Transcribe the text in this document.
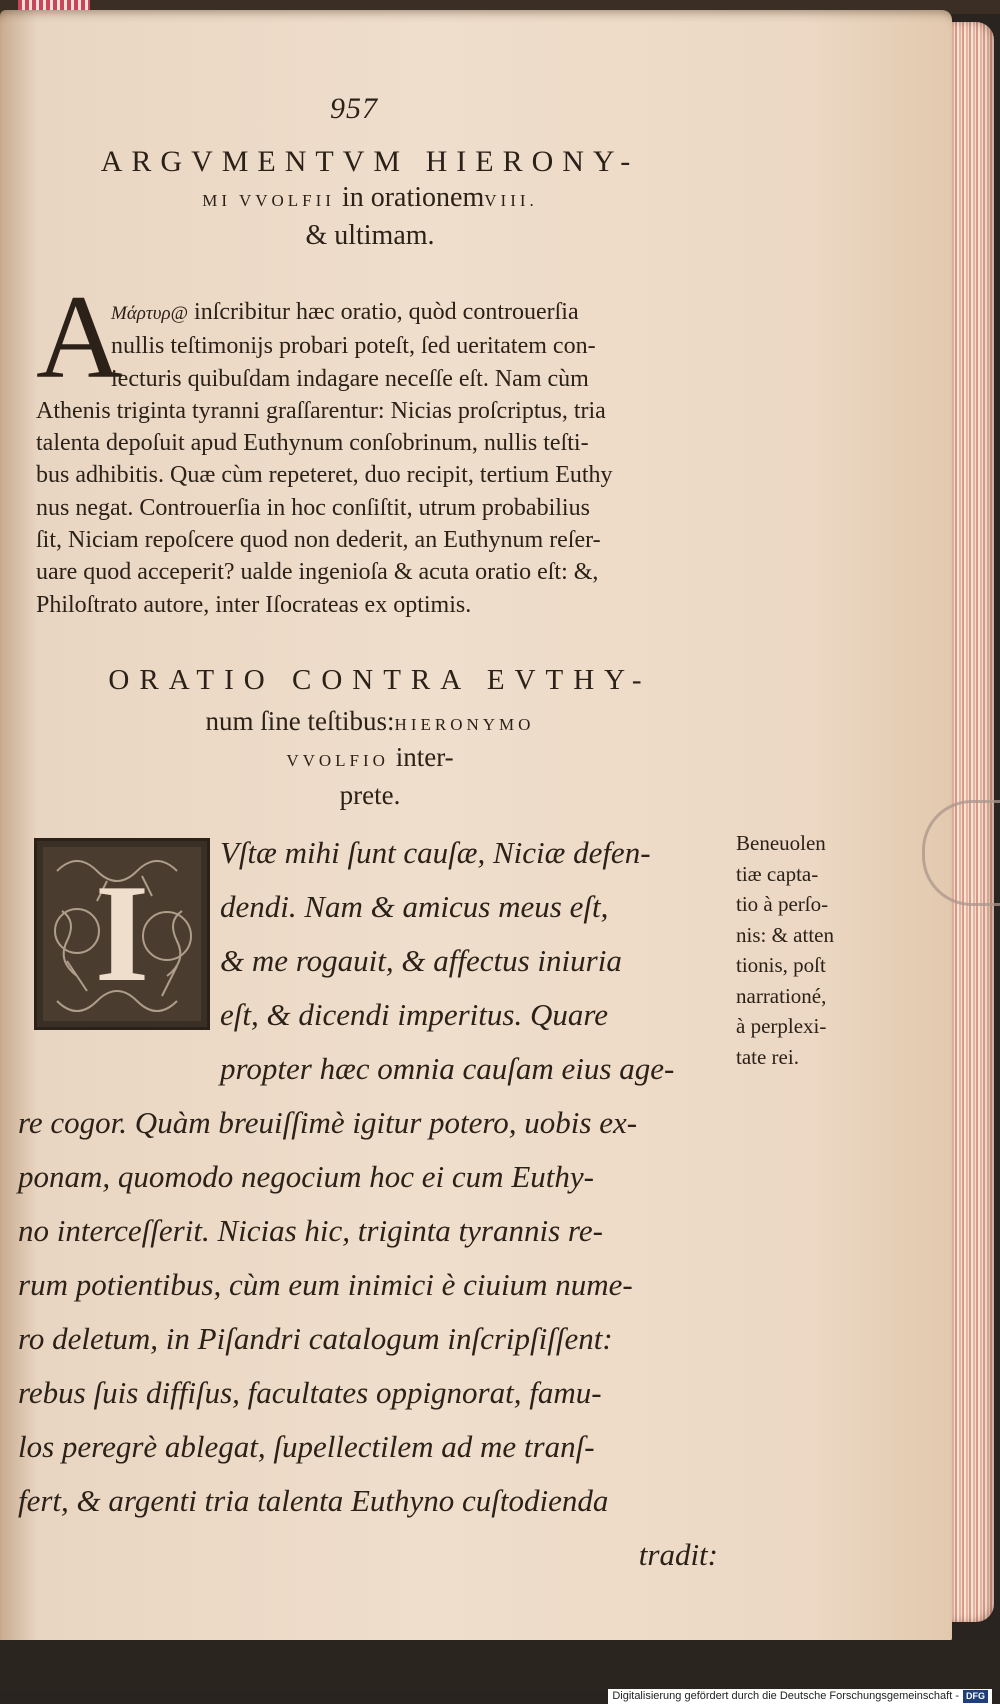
957
ARGVMENTVM HIERONY-
MI VVOLFII in orationemVIII.
& ultimam.
A
Μάρτυρ@ inſcribitur hæc oratio, quòd controuerſia
nullis teſtimonijs probari poteſt, ſed ueritatem con-
iecturis quibuſdam indagare neceſſe eſt. Nam cùm
Athenis triginta tyranni graſſarentur: Nicias proſcriptus, tria
talenta depoſuit apud Euthynum conſobrinum, nullis teſti-
bus adhibitis. Quæ cùm repeteret, duo recipit, tertium Euthy
nus negat. Controuerſia in hoc conſiſtit, utrum probabilius
ſit, Niciam repoſcere quod non dederit, an Euthynum reſer-
uare quod acceperit? ualde ingenioſa & acuta oratio eſt: &,
Philoſtrato autore, inter Iſocrateas ex optimis.
ORATIO CONTRA EVTHY-
num ſine teſtibus:HIERONYMO
VVOLFIO inter-
prete.
I
Vſtæ mihi ſunt cauſæ, Niciæ defen-
dendi. Nam & amicus meus eſt,
& me rogauit, & affectus iniuria
eſt, & dicendi imperitus. Quare
propter hæc omnia cauſam eius age-
re cogor. Quàm breuiſſimè igitur potero, uobis ex-
ponam, quomodo negocium hoc ei cum Euthy-
no interceſſerit. Nicias hic, triginta tyrannis re-
rum potientibus, cùm eum inimici è ciuium nume-
ro deletum, in Piſandri catalogum inſcripſiſſent:
rebus ſuis diffiſus, facultates oppignorat, famu-
los peregrè ablegat, ſupellectilem ad me tranſ-
fert, & argenti tria talenta Euthyno cuſtodienda
tradit:
Beneuolen
tiæ capta-
tio à perſo-
nis: & atten
tionis, poſt
narrationé,
à perplexi-
tate rei.
Digitalisierung gefördert durch die Deutsche Forschungsgemeinschaft - DFG
